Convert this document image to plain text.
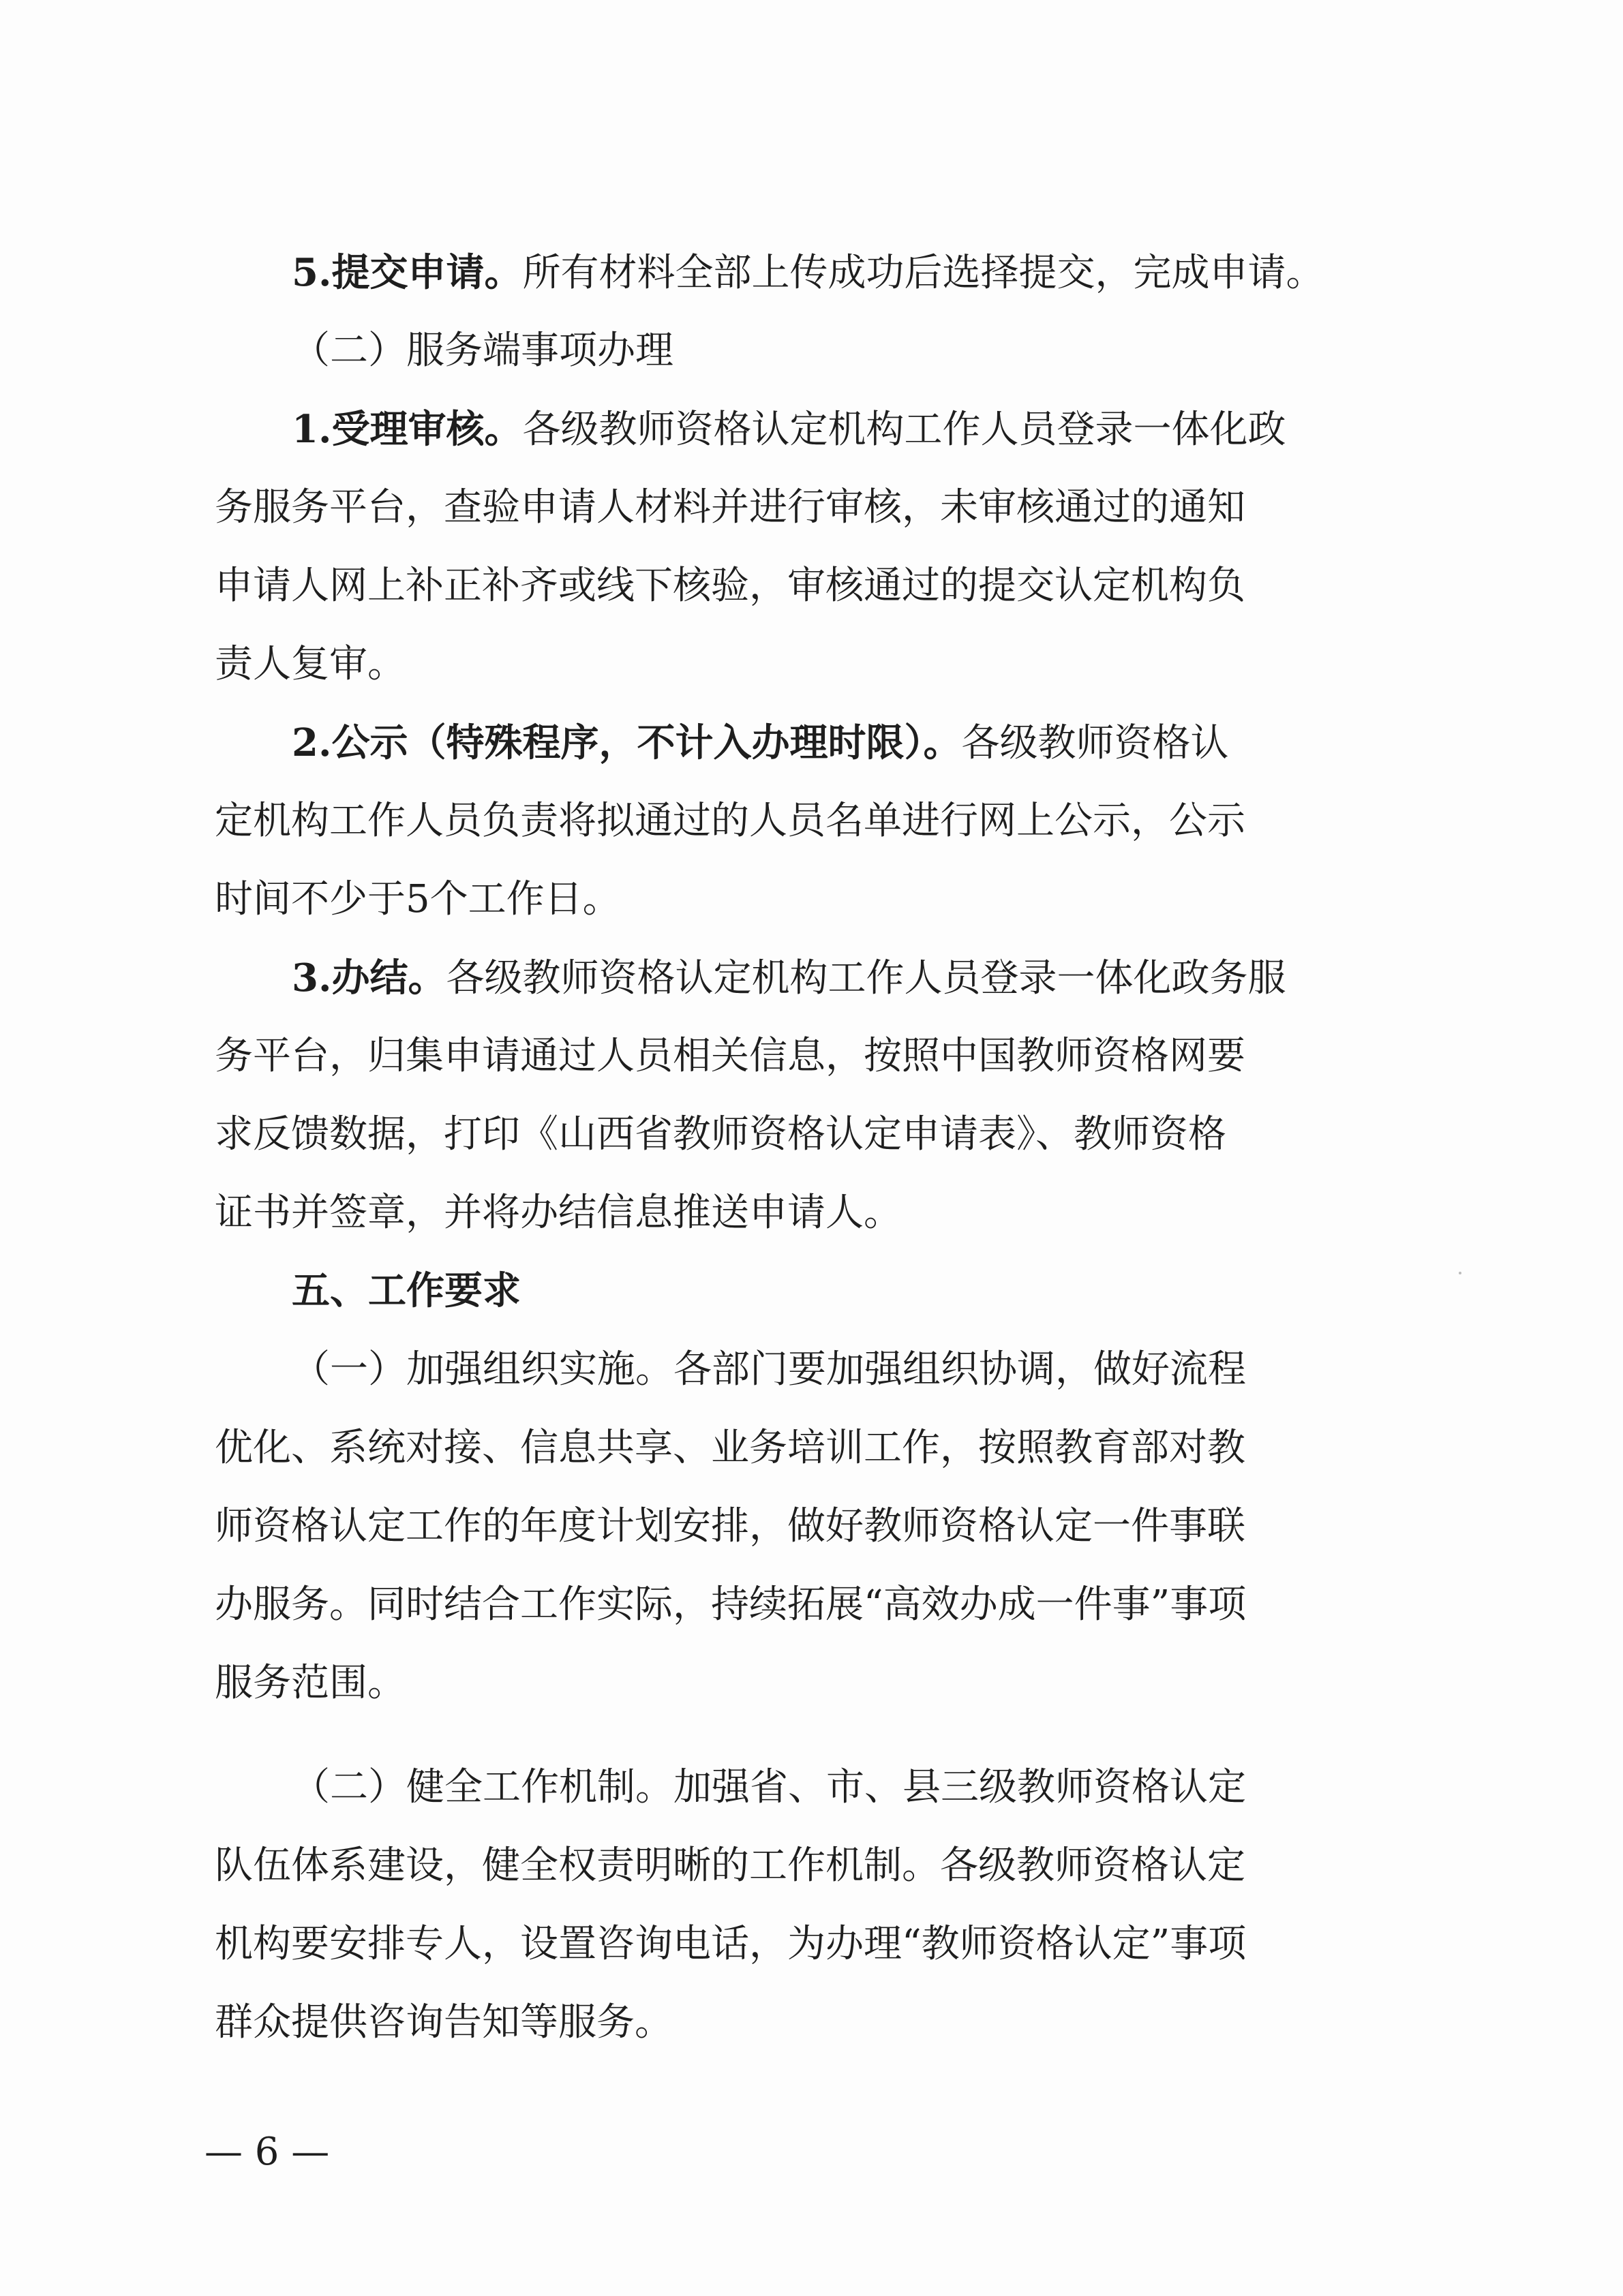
5.提交申请。所有材料全部上传成功后选择提交，完成申请。
（二）服务端事项办理
1.受理审核。各级教师资格认定机构工作人员登录一体化政
务服务平台，查验申请人材料并进行审核，未审核通过的通知
申请人网上补正补齐或线下核验，审核通过的提交认定机构负
责人复审。
2.公示（特殊程序，不计入办理时限）。各级教师资格认
定机构工作人员负责将拟通过的人员名单进行网上公示，公示
时间不少于5个工作日。
3.办结。各级教师资格认定机构工作人员登录一体化政务服
务平台，归集申请通过人员相关信息，按照中国教师资格网要
求反馈数据，打印《山西省教师资格认定申请表》、教师资格
证书并签章，并将办结信息推送申请人。
五、工作要求
（一）加强组织实施。各部门要加强组织协调，做好流程
优化、系统对接、信息共享、业务培训工作，按照教育部对教
师资格认定工作的年度计划安排，做好教师资格认定一件事联
办服务。同时结合工作实际，持续拓展“高效办成一件事”事项
服务范围。
（二）健全工作机制。加强省、市、县三级教师资格认定
队伍体系建设，健全权责明晰的工作机制。各级教师资格认定
机构要安排专人，设置咨询电话，为办理“教师资格认定”事项
群众提供咨询告知等服务。
— 6 —
